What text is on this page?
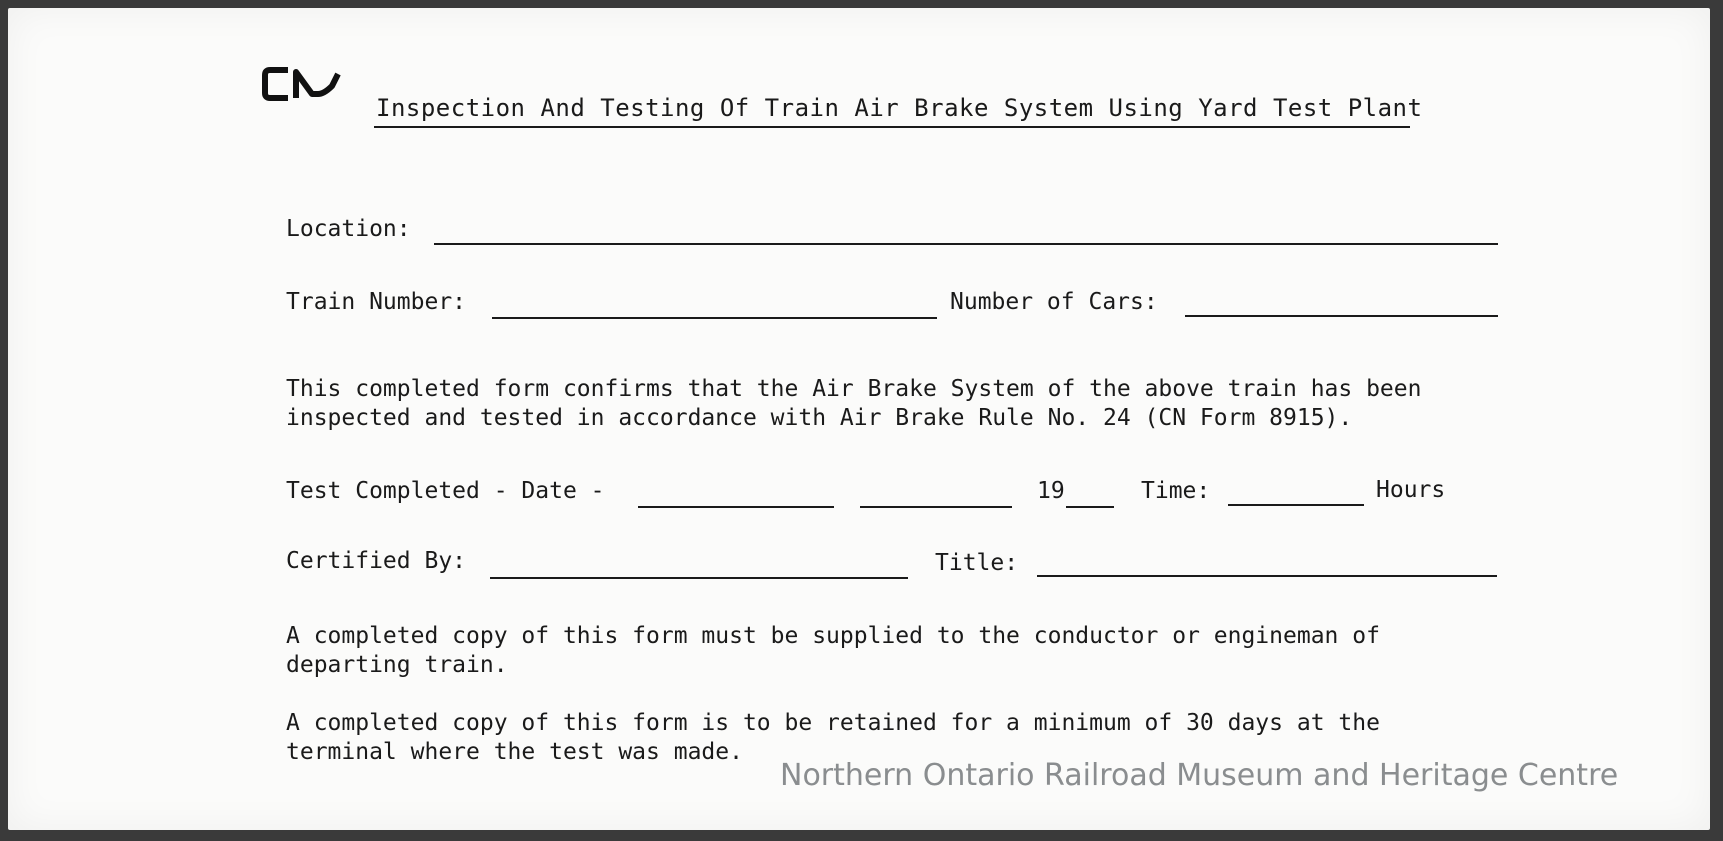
Inspection And Testing Of Train Air Brake System Using Yard Test Plant
Location:
Train Number:	Number of Cars:
This completed form confirms that the Air Brake System of the above train has been
inspected and tested in accordance with Air Brake Rule No. 24 (CN Form 8915).
Test Completed - Date -	19	Time:	Hours
Certified By:	Title:
A completed copy of this form must be supplied to the conductor or engineman of
departing train.
A completed copy of this form is to be retained for a minimum of 30 days at the
terminal where the test was made.
Northern Ontario Railroad Museum and Heritage Centre
